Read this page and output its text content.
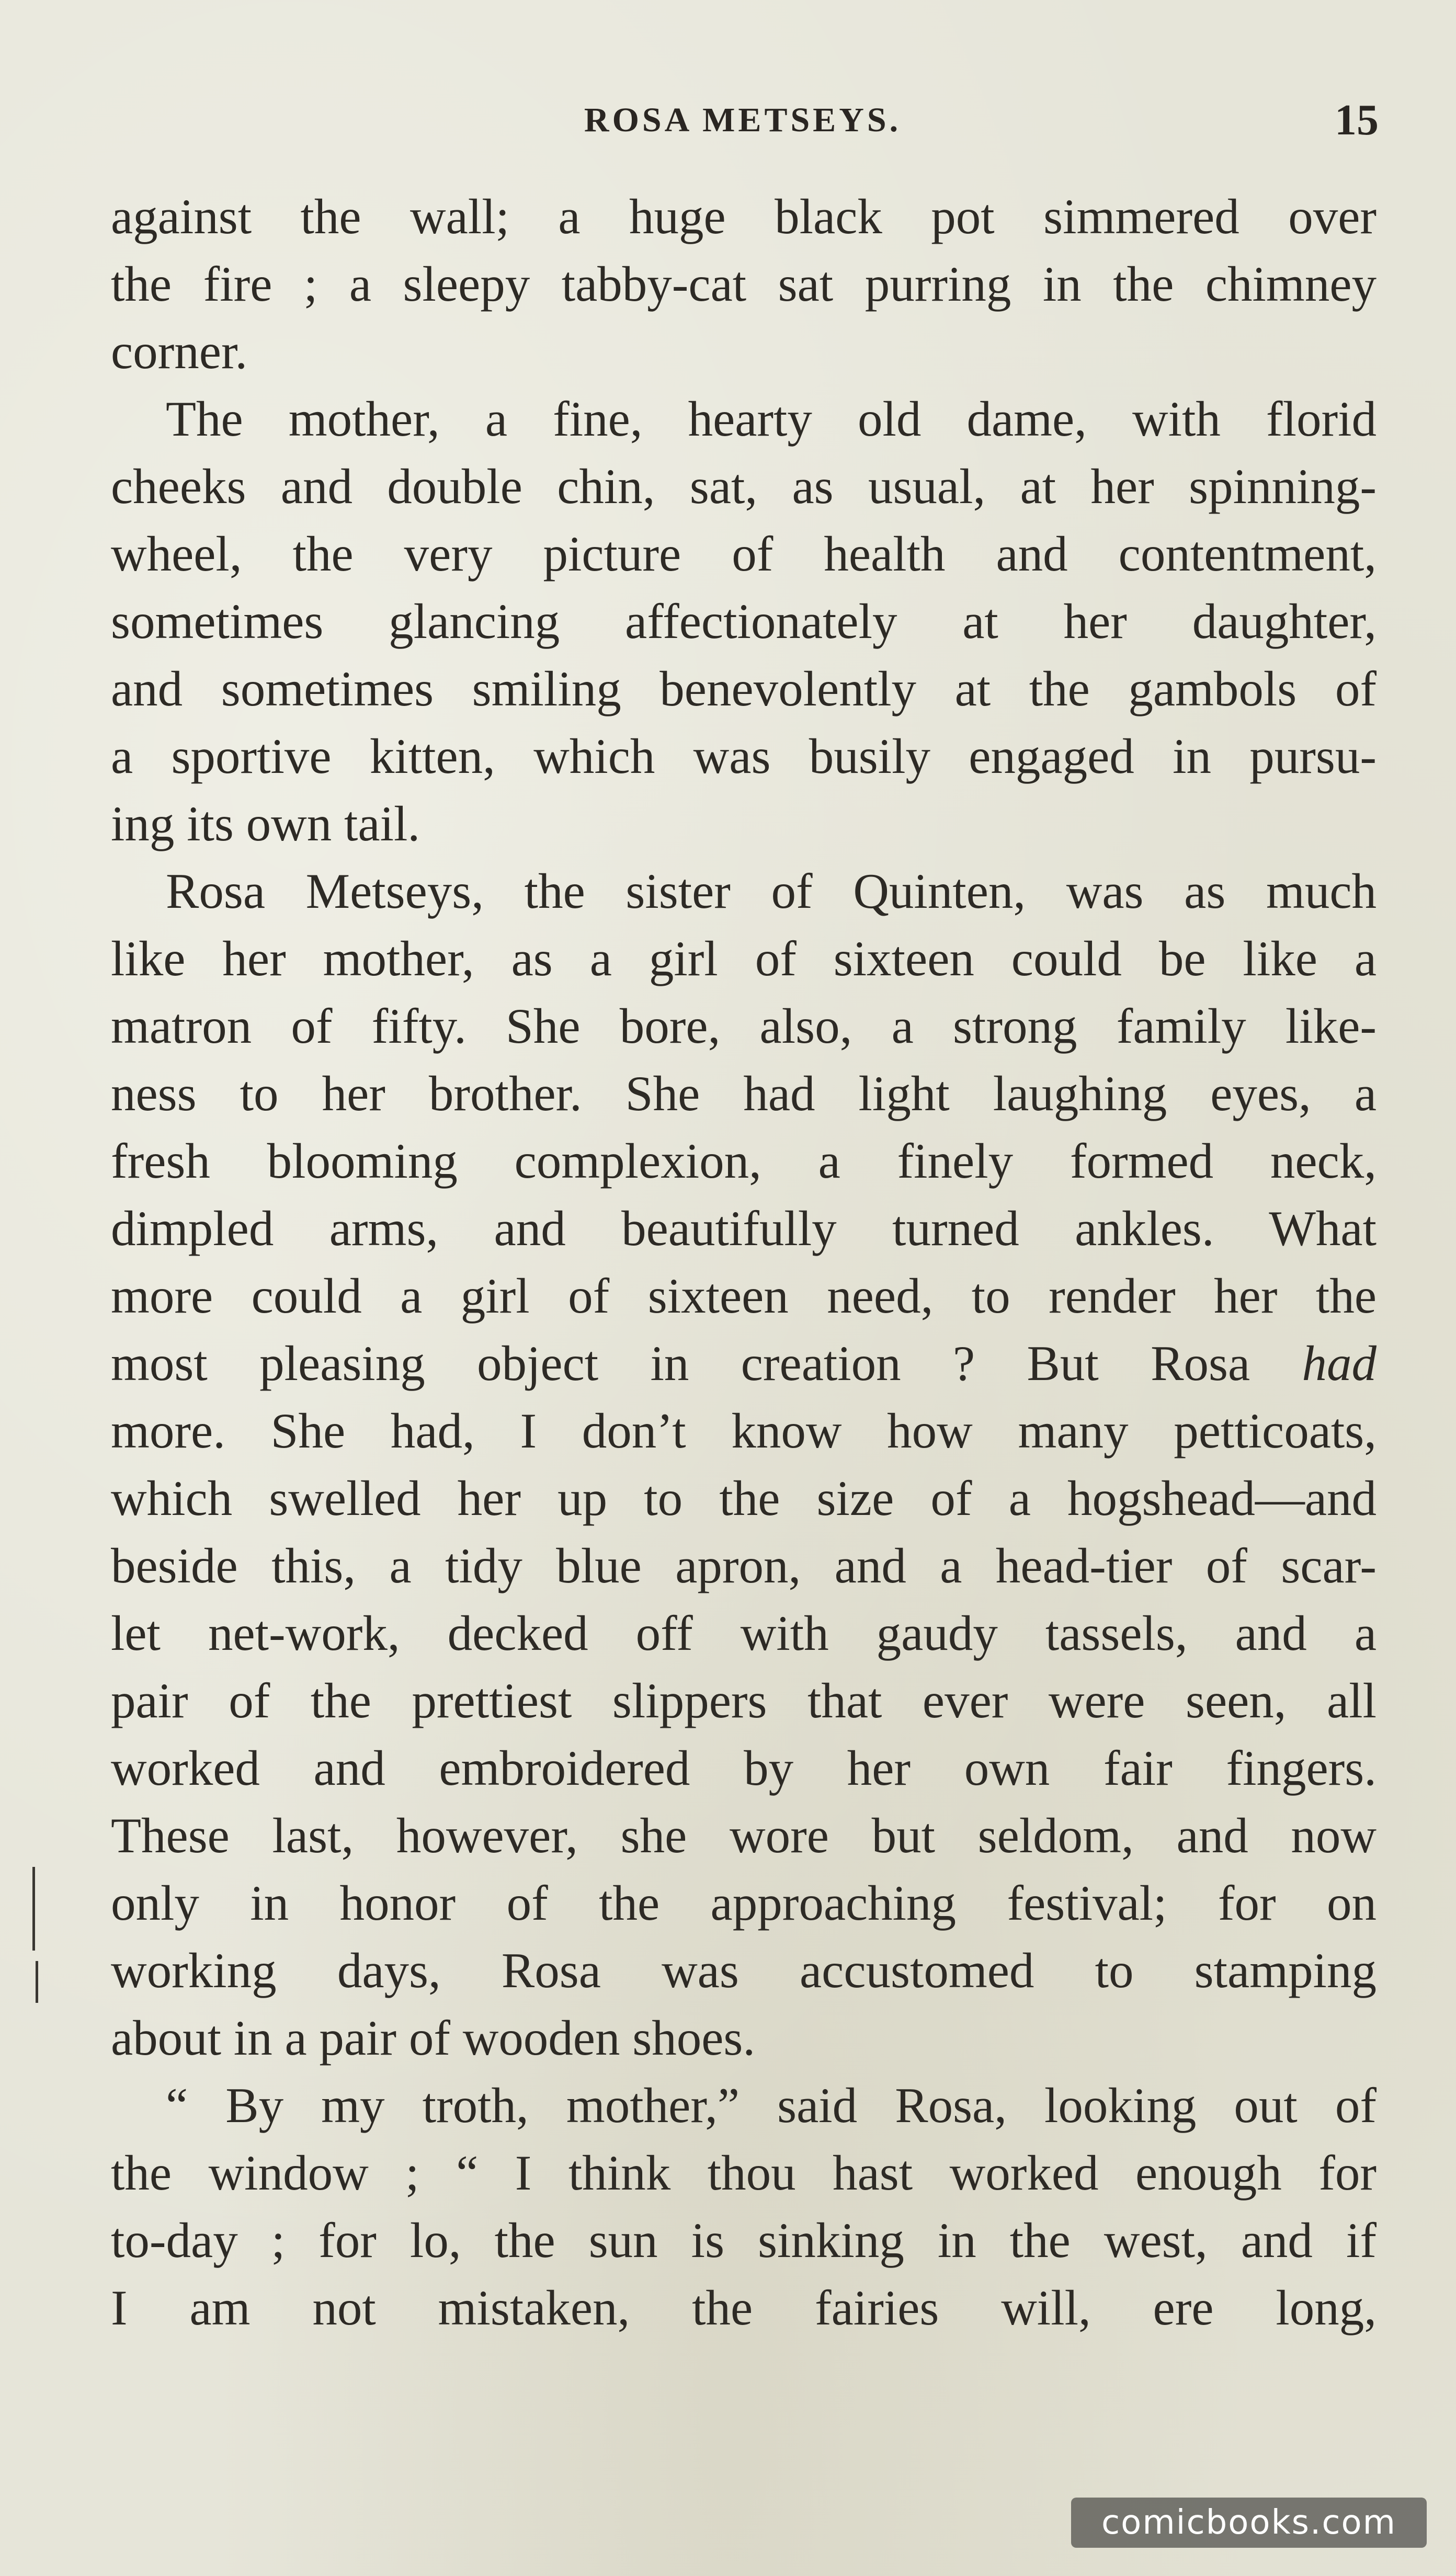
ROSA METSEYS.	15

against the wall; a huge black pot simmered over
the fire ; a sleepy tabby-cat sat purring in the chimney
corner.

The mother, a fine, hearty old dame, with florid
cheeks and double chin, sat, as usual, at her spinning-
wheel, the very picture of health and contentment,
sometimes glancing affectionately at her daughter,
and sometimes smiling benevolently at the gambols of
a sportive kitten, which was busily engaged in pursu-
ing its own tail.

Rosa Metseys, the sister of Quinten, was as much
like her mother, as a girl of sixteen could be like a
matron of fifty. She bore, also, a strong family like-
ness to her brother. She had light laughing eyes, a
fresh blooming complexion, a finely formed neck,
dimpled arms, and beautifully turned ankles. What
more could a girl of sixteen need, to render her the
most pleasing object in creation ? But Rosa had
more. She had, I don’t know how many petticoats,
which swelled her up to the size of a hogshead—and
beside this, a tidy blue apron, and a head-tier of scar-
let net-work, decked off with gaudy tassels, and a
pair of the prettiest slippers that ever were seen, all
worked and embroidered by her own fair fingers.
These last, however, she wore but seldom, and now
only in honor of the approaching festival; for on
working days, Rosa was accustomed to stamping
about in a pair of wooden shoes.

“ By my troth, mother,” said Rosa, looking out of
the window ; “ I think thou hast worked enough for
to-day ; for lo, the sun is sinking in the west, and if
I am not mistaken, the fairies will, ere long,

comicbooks.com
